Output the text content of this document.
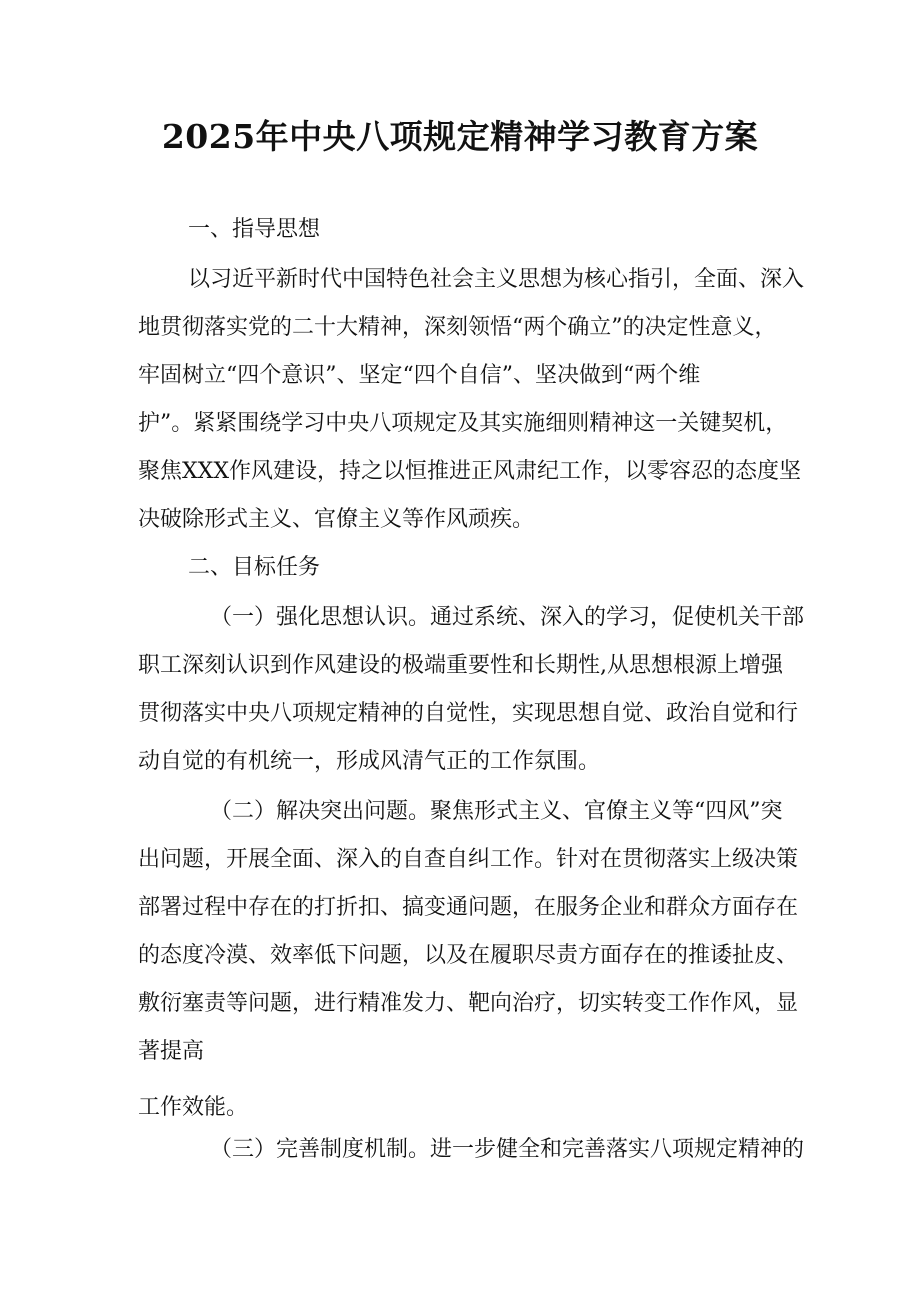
2025年中央八项规定精神学习教育方案
一、指导思想
以习近平新时代中国特色社会主义思想为核心指引，全面、深入
地贯彻落实党的二十大精神，深刻领悟“两个确立”的决定性意义，
牢固树立“四个意识”、坚定“四个自信”、坚决做到“两个维
护”。紧紧围绕学习中央八项规定及其实施细则精神这一关键契机，
聚焦XXX作风建设，持之以恒推进正风肃纪工作，以零容忍的态度坚
决破除形式主义、官僚主义等作风顽疾。
二、目标任务
（一）强化思想认识。通过系统、深入的学习，促使机关干部
职工深刻认识到作风建设的极端重要性和长期性,从思想根源上增强
贯彻落实中央八项规定精神的自觉性，实现思想自觉、政治自觉和行
动自觉的有机统一，形成风清气正的工作氛围。
（二）解决突出问题。聚焦形式主义、官僚主义等“四风”突
出问题，开展全面、深入的自查自纠工作。针对在贯彻落实上级决策
部署过程中存在的打折扣、搞变通问题，在服务企业和群众方面存在
的态度冷漠、效率低下问题，以及在履职尽责方面存在的推诿扯皮、
敷衍塞责等问题，进行精准发力、靶向治疗，切实转变工作作风，显
著提高
工作效能。
（三）完善制度机制。进一步健全和完善落实八项规定精神的
